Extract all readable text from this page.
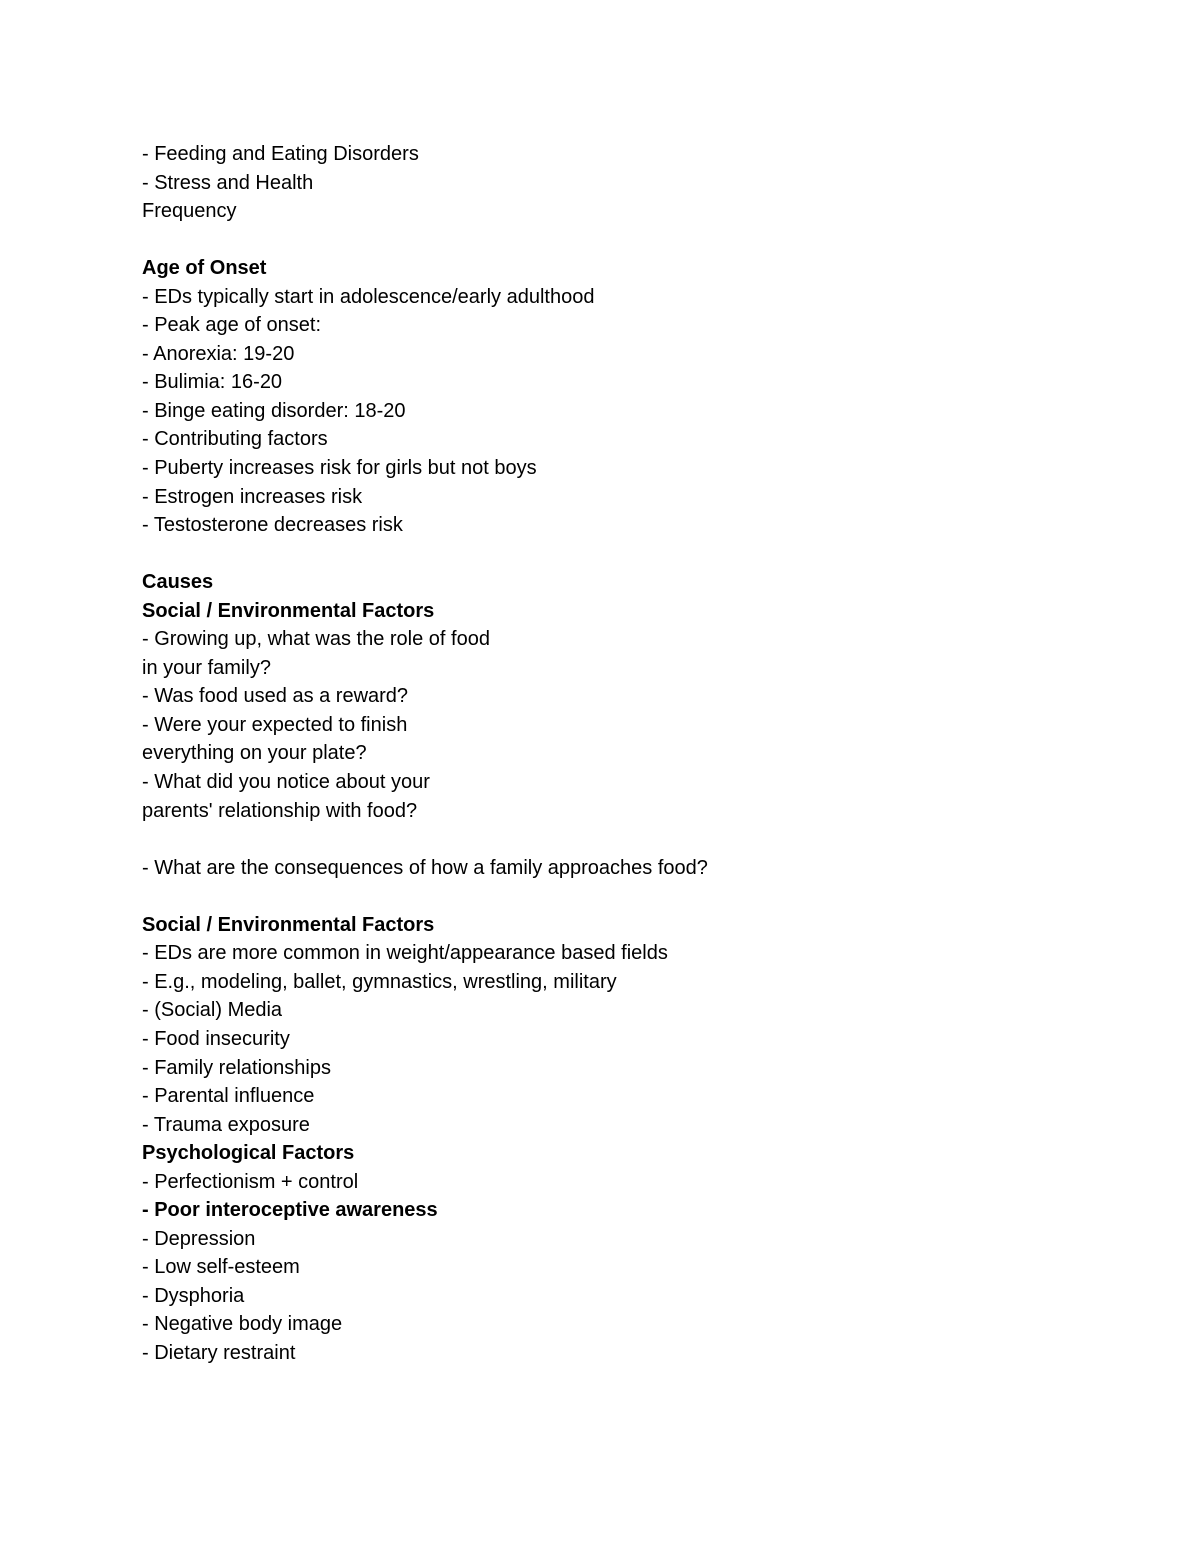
- Feeding and Eating Disorders
- Stress and Health
Frequency
Age of Onset
- EDs typically start in adolescence/early adulthood
- Peak age of onset:
- Anorexia: 19-20
- Bulimia: 16-20
- Binge eating disorder: 18-20
- Contributing factors
- Puberty increases risk for girls but not boys
- Estrogen increases risk
- Testosterone decreases risk
Causes
Social / Environmental Factors
- Growing up, what was the role of food
in your family?
- Was food used as a reward?
- Were your expected to finish
everything on your plate?
- What did you notice about your
parents' relationship with food?
- What are the consequences of how a family approaches food?
Social / Environmental Factors
- EDs are more common in weight/appearance based fields
- E.g., modeling, ballet, gymnastics, wrestling, military
- (Social) Media
- Food insecurity
- Family relationships
- Parental influence
- Trauma exposure
Psychological Factors
- Perfectionism + control
- Poor interoceptive awareness
- Depression
- Low self-esteem
- Dysphoria
- Negative body image
- Dietary restraint
